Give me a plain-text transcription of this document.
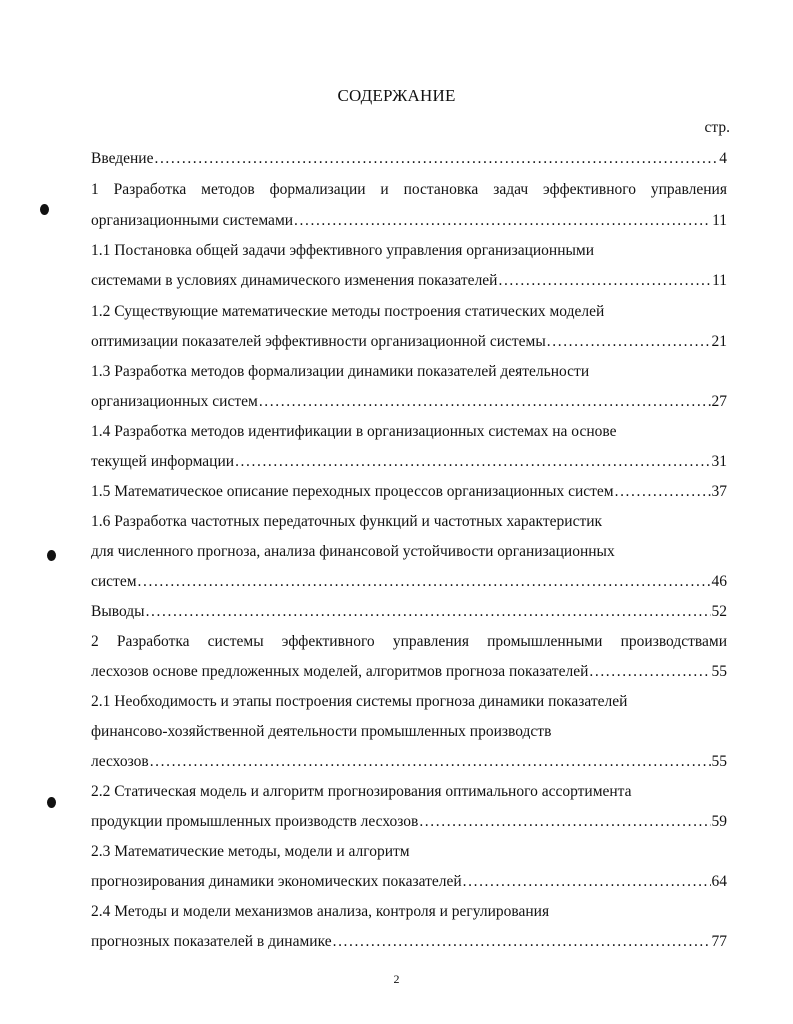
СОДЕРЖАНИЕ
стр.
Введение .....	4
1 Разработка методов формализации и постановка задач эффективного управления
организационными системами .....	11
1.1 Постановка общей задачи эффективного управления организационными
системами в условиях динамического изменения показателей .....	11
1.2 Существующие математические методы построения статических моделей
оптимизации показателей эффективности организационной системы .....	21
1.3 Разработка методов формализации динамики показателей деятельности
организационных систем .....	27
1.4 Разработка методов идентификации в организационных системах на основе
текущей информации .....	31
1.5 Математическое описание переходных процессов организационных систем .....	37
1.6 Разработка частотных передаточных функций и частотных характеристик
для численного прогноза, анализа финансовой устойчивости организационных
систем .....	46
Выводы .....	52
2 Разработка системы эффективного управления промышленными производствами
лесхозов основе предложенных моделей, алгоритмов прогноза показателей .....	55
2.1 Необходимость и этапы построения системы прогноза динамики показателей
финансово-хозяйственной деятельности промышленных производств
лесхозов .....	55
2.2 Статическая модель и алгоритм прогнозирования оптимального ассортимента
продукции промышленных производств лесхозов .....	59
2.3 Математические методы, модели и алгоритм
прогнозирования динамики экономических показателей .....	64
2.4 Методы и модели механизмов анализа, контроля и регулирования
прогнозных показателей в динамике .....	77
2
